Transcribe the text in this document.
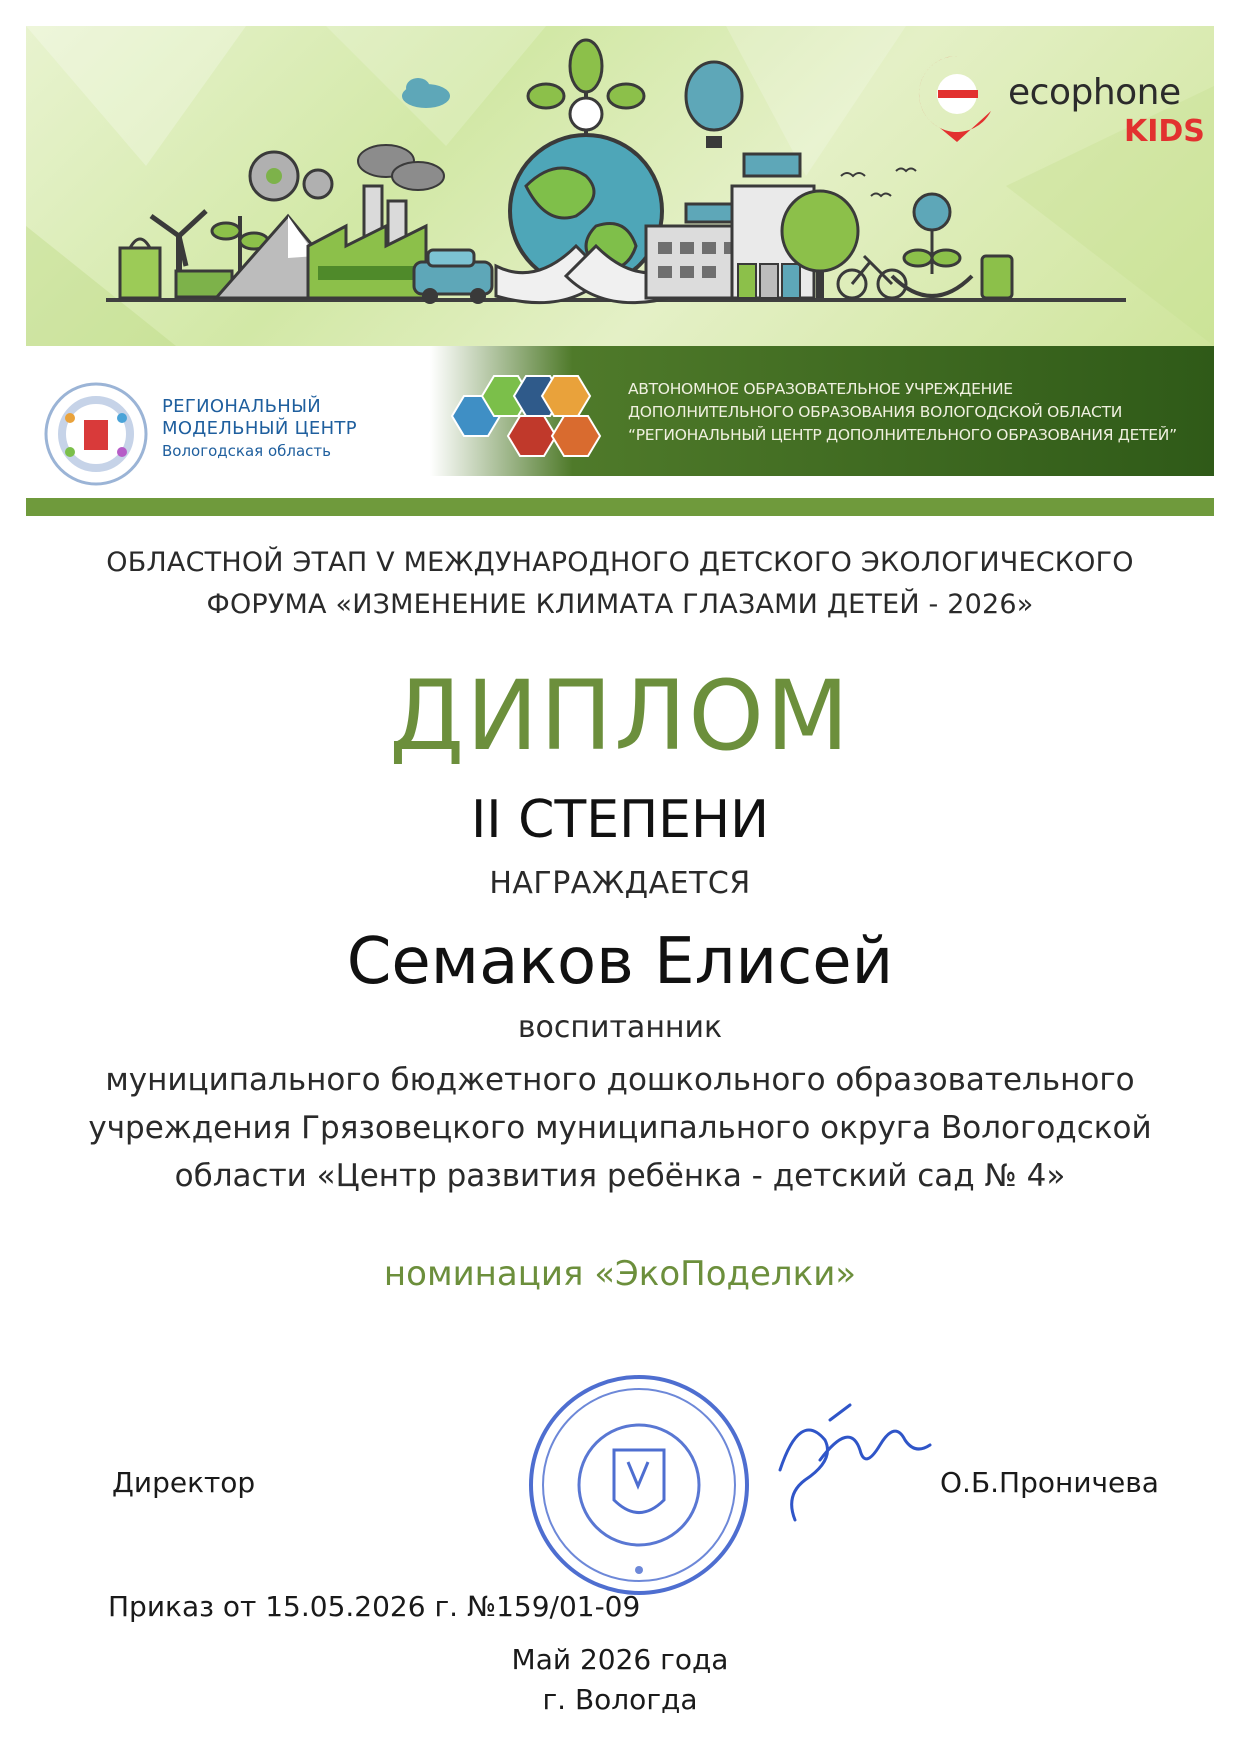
ecophone
KIDS
РЕГИОНАЛЬНЫЙ
МОДЕЛЬНЫЙ ЦЕНТР
Вологодская область
АВТОНОМНОЕ ОБРАЗОВАТЕЛЬНОЕ УЧРЕЖДЕНИЕ
ДОПОЛНИТЕЛЬНОГО ОБРАЗОВАНИЯ ВОЛОГОДСКОЙ ОБЛАСТИ
“РЕГИОНАЛЬНЫЙ ЦЕНТР ДОПОЛНИТЕЛЬНОГО ОБРАЗОВАНИЯ ДЕТЕЙ”
ОБЛАСТНОЙ ЭТАП V МЕЖДУНАРОДНОГО ДЕТСКОГО ЭКОЛОГИЧЕСКОГО
ФОРУМА «ИЗМЕНЕНИЕ КЛИМАТА ГЛАЗАМИ ДЕТЕЙ - 2026»
ДИПЛОМ
II СТЕПЕНИ
НАГРАЖДАЕТСЯ
Семаков Елисей
воспитанник
муниципального бюджетного дошкольного образовательного
учреждения Грязовецкого муниципального округа Вологодской
области «Центр развития ребёнка - детский сад № 4»
номинация «ЭкоПоделки»
Директор	О.Б.Проничева
Приказ от 15.05.2026 г. №159/01-09
Май 2026 года
г. Вологда
